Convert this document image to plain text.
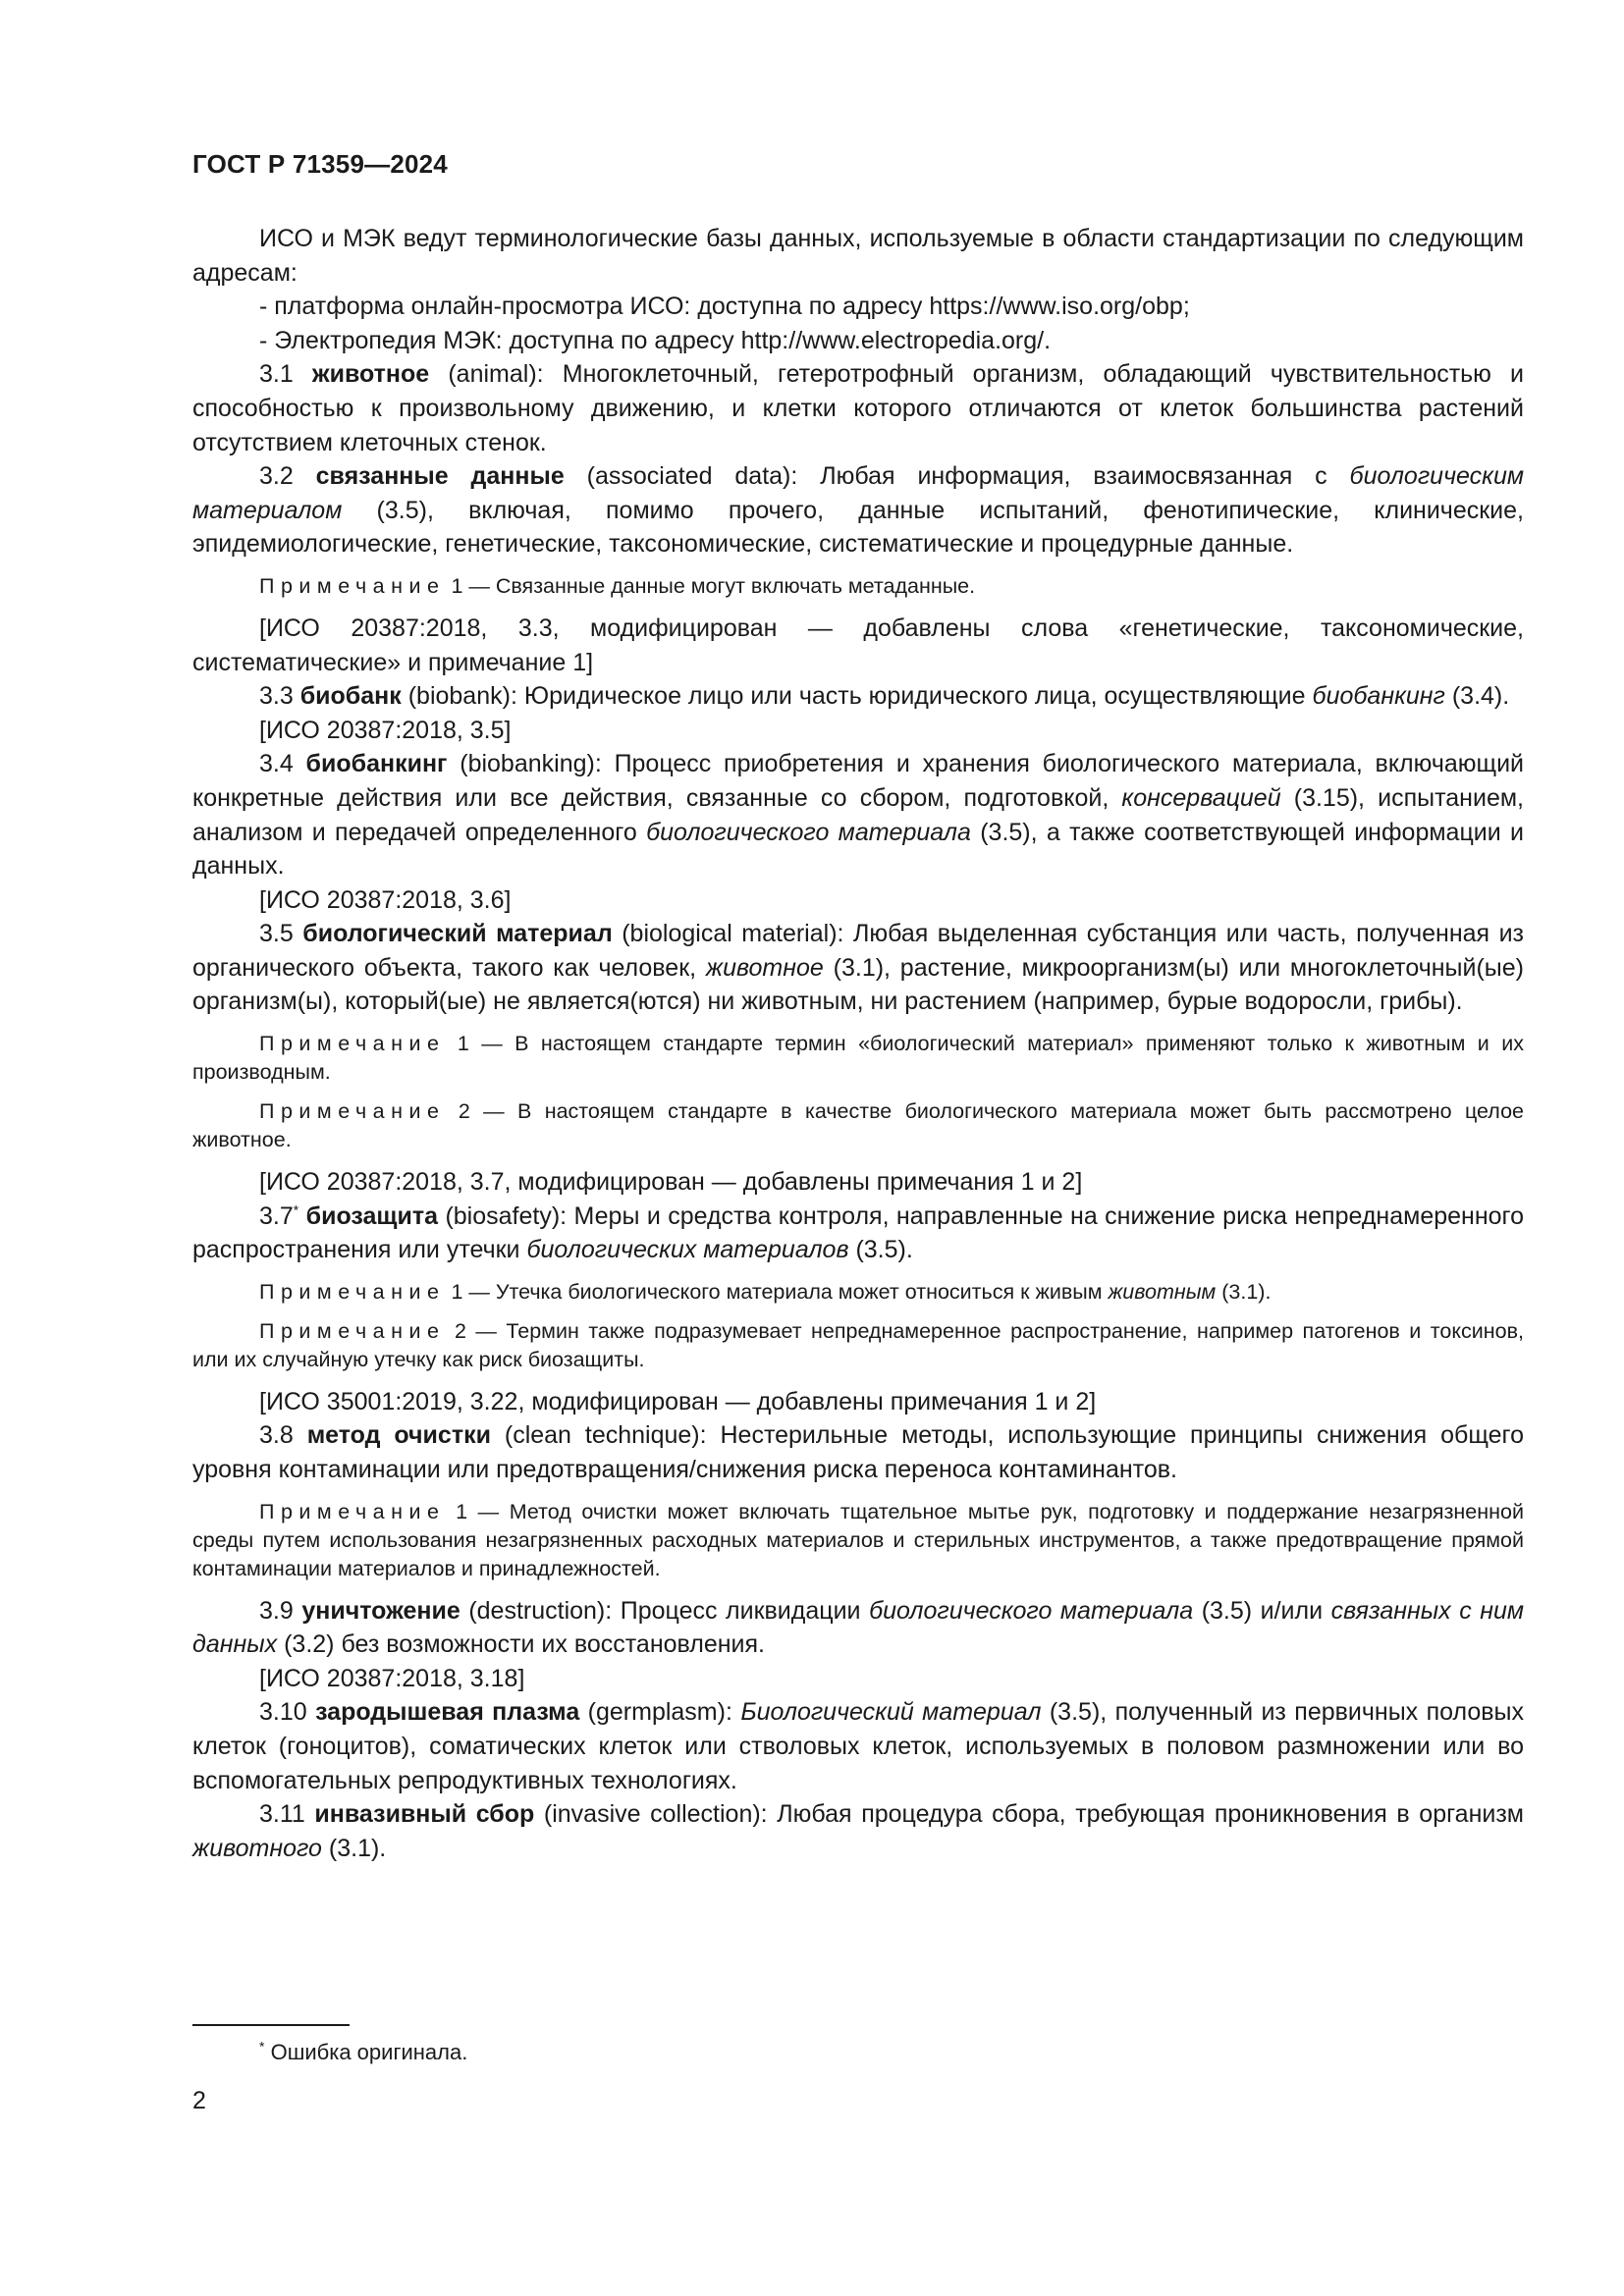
ГОСТ Р 71359—2024

ИСО и МЭК ведут терминологические базы данных, используемые в области стандартизации по следующим адресам:

- платформа онлайн-просмотра ИСО: доступна по адресу https://www.iso.org/obp;

- Электропедия МЭК: доступна по адресу http://www.electropedia.org/.

3.1 животное (animal): Многоклеточный, гетеротрофный организм, обладающий чувствительностью и способностью к произвольному движению, и клетки которого отличаются от клеток большинства растений отсутствием клеточных стенок.

3.2 связанные данные (associated data): Любая информация, взаимосвязанная с биологическим материалом (3.5), включая, помимо прочего, данные испытаний, фенотипические, клинические, эпидемиологические, генетические, таксономические, систематические и процедурные данные.

Примечание 1 — Связанные данные могут включать метаданные.

[ИСО 20387:2018, 3.3, модифицирован — добавлены слова «генетические, таксономические, систематические» и примечание 1]

3.3 биобанк (biobank): Юридическое лицо или часть юридического лица, осуществляющие биобанкинг (3.4).

[ИСО 20387:2018, 3.5]

3.4 биобанкинг (biobanking): Процесс приобретения и хранения биологического материала, включающий конкретные действия или все действия, связанные со сбором, подготовкой, консервацией (3.15), испытанием, анализом и передачей определенного биологического материала (3.5), а также соответствующей информации и данных.

[ИСО 20387:2018, 3.6]

3.5 биологический материал (biological material): Любая выделенная субстанция или часть, полученная из органического объекта, такого как человек, животное (3.1), растение, микроорганизм(ы) или многоклеточный(ые) организм(ы), который(ые) не является(ются) ни животным, ни растением (например, бурые водоросли, грибы).

Примечание 1 — В настоящем стандарте термин «биологический материал» применяют только к животным и их производным.

Примечание 2 — В настоящем стандарте в качестве биологического материала может быть рассмотрено целое животное.

[ИСО 20387:2018, 3.7, модифицирован — добавлены примечания 1 и 2]

3.7* биозащита (biosafety): Меры и средства контроля, направленные на снижение риска непреднамеренного распространения или утечки биологических материалов (3.5).

Примечание 1 — Утечка биологического материала может относиться к живым животным (3.1).

Примечание 2 — Термин также подразумевает непреднамеренное распространение, например патогенов и токсинов, или их случайную утечку как риск биозащиты.

[ИСО 35001:2019, 3.22, модифицирован — добавлены примечания 1 и 2]

3.8 метод очистки (clean technique): Нестерильные методы, использующие принципы снижения общего уровня контаминации или предотвращения/снижения риска переноса контаминантов.

Примечание 1 — Метод очистки может включать тщательное мытье рук, подготовку и поддержание незагрязненной среды путем использования незагрязненных расходных материалов и стерильных инструментов, а также предотвращение прямой контаминации материалов и принадлежностей.

3.9 уничтожение (destruction): Процесс ликвидации биологического материала (3.5) и/или связанных с ним данных (3.2) без возможности их восстановления.

[ИСО 20387:2018, 3.18]

3.10 зародышевая плазма (germplasm): Биологический материал (3.5), полученный из первичных половых клеток (гоноцитов), соматических клеток или стволовых клеток, используемых в половом размножении или во вспомогательных репродуктивных технологиях.

3.11 инвазивный сбор (invasive collection): Любая процедура сбора, требующая проникновения в организм животного (3.1).

* Ошибка оригинала.
2
